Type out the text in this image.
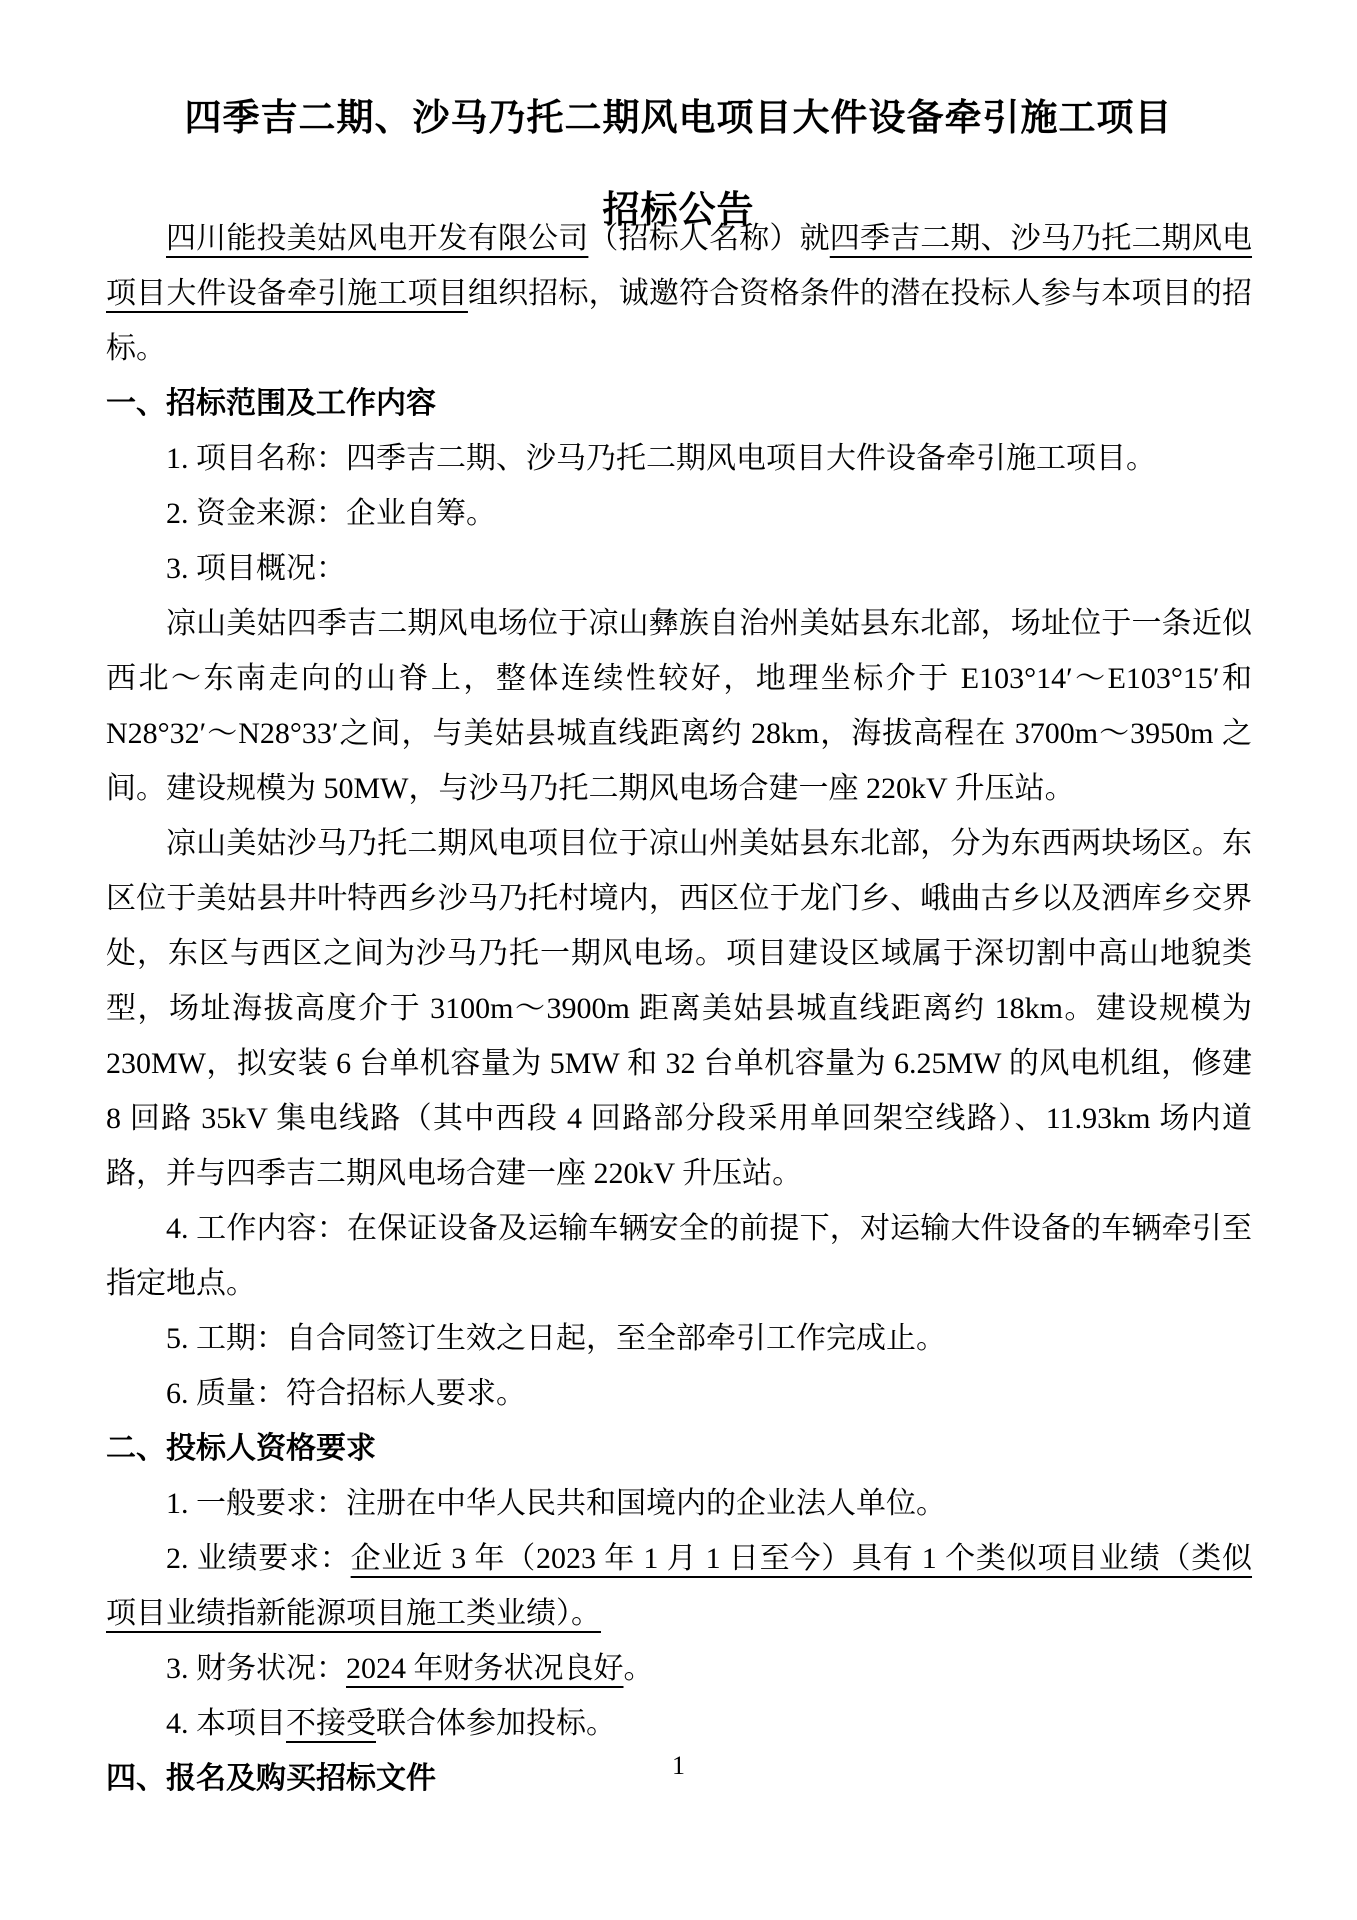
四季吉二期、沙马乃托二期风电项目大件设备牵引施工项目
招标公告

四川能投美姑风电开发有限公司（招标人名称）就四季吉二期、沙马乃托二期风电项目大件设备牵引施工项目组织招标，诚邀符合资格条件的潜在投标人参与本项目的招标。

一、招标范围及工作内容

1. 项目名称：四季吉二期、沙马乃托二期风电项目大件设备牵引施工项目。

2. 资金来源：企业自筹。

3. 项目概况：

凉山美姑四季吉二期风电场位于凉山彝族自治州美姑县东北部，场址位于一条近似西北～东南走向的山脊上，整体连续性较好，地理坐标介于 E103°14′～E103°15′和 N28°32′～N28°33′之间，与美姑县城直线距离约 28km，海拔高程在 3700m～3950m 之间。建设规模为 50MW，与沙马乃托二期风电场合建一座 220kV 升压站。

凉山美姑沙马乃托二期风电项目位于凉山州美姑县东北部，分为东西两块场区。东区位于美姑县井叶特西乡沙马乃托村境内，西区位于龙门乡、峨曲古乡以及洒库乡交界处，东区与西区之间为沙马乃托一期风电场。项目建设区域属于深切割中高山地貌类型，场址海拔高度介于 3100m～3900m 距离美姑县城直线距离约 18km。建设规模为 230MW，拟安装 6 台单机容量为 5MW 和 32 台单机容量为 6.25MW 的风电机组，修建 8 回路 35kV 集电线路（其中西段 4 回路部分段采用单回架空线路）、11.93km 场内道路，并与四季吉二期风电场合建一座 220kV 升压站。

4. 工作内容：在保证设备及运输车辆安全的前提下，对运输大件设备的车辆牵引至指定地点。

5. 工期：自合同签订生效之日起，至全部牵引工作完成止。

6. 质量：符合招标人要求。

二、投标人资格要求

1. 一般要求：注册在中华人民共和国境内的企业法人单位。

2. 业绩要求：企业近 3 年（2023 年 1 月 1 日至今）具有 1 个类似项目业绩（类似项目业绩指新能源项目施工类业绩）。

3. 财务状况：2024 年财务状况良好。

4. 本项目不接受联合体参加投标。

四、报名及购买招标文件	1
